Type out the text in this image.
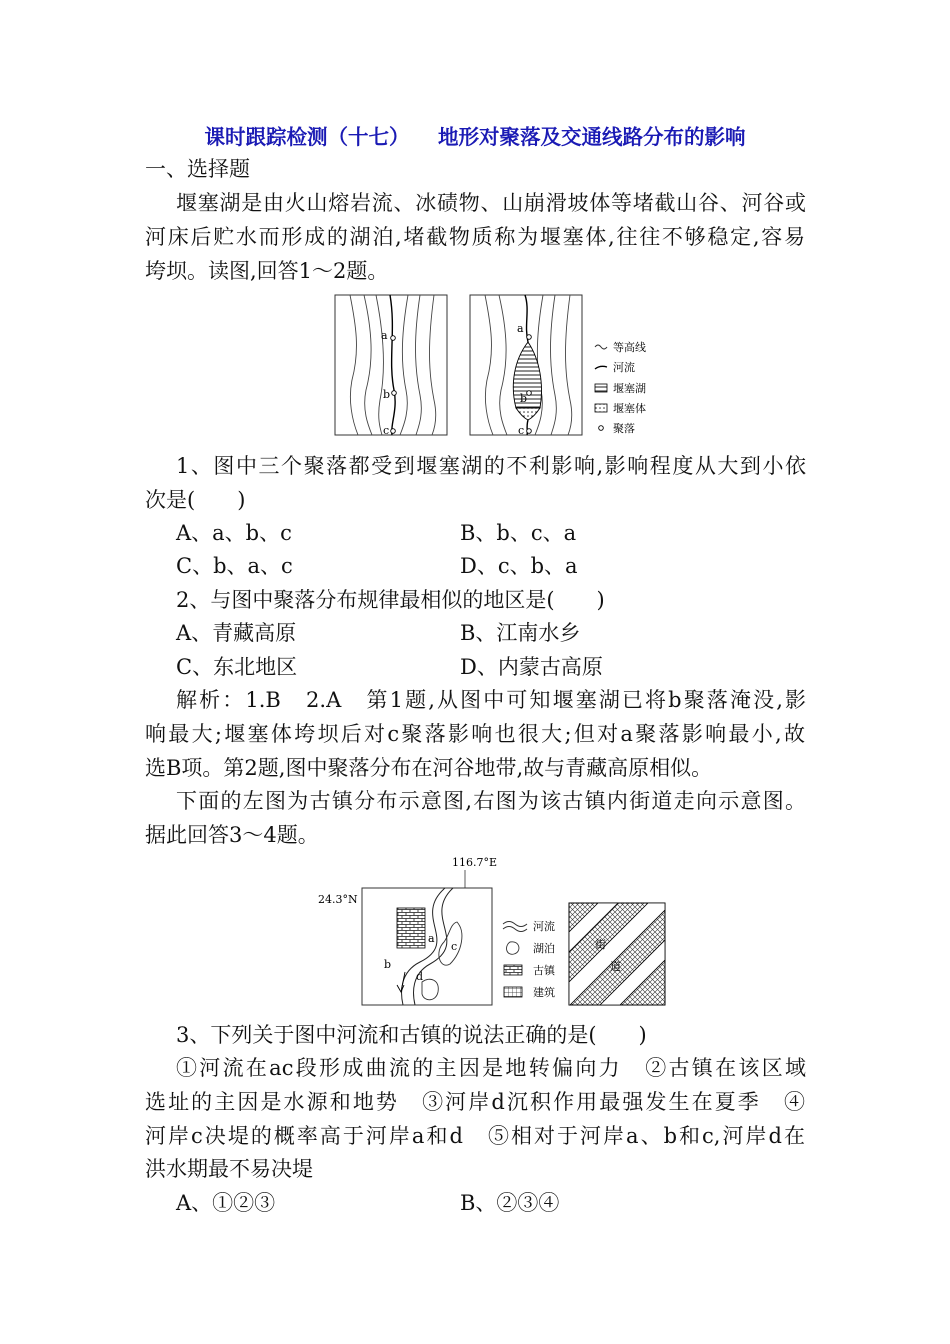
课时跟踪检测（十七）    地形对聚落及交通线路分布的影响
一、选择题
堰塞湖是由火山熔岩流、冰碛物、山崩滑坡体等堵截山谷、河谷或
河床后贮水而形成的湖泊,堵截物质称为堰塞体,往往不够稳定,容易
垮坝。读图,回答1～2题。
a
b
c
a
b
c
等高线
河流
堰塞湖
堰塞体
聚落
1、图中三个聚落都受到堰塞湖的不利影响,影响程度从大到小依
次是(　　)
A、a、b、c	B、b、c、a
C、b、a、c	D、c、b、a
2、与图中聚落分布规律最相似的地区是(　　)
A、青藏高原	B、江南水乡
C、东北地区	D、内蒙古高原
解析：1.B　2.A　第1题,从图中可知堰塞湖已将b聚落淹没,影
响最大;堰塞体垮坝后对c聚落影响也很大;但对a聚落影响最小,故
选B项。第2题,图中聚落分布在河谷地带,故与青藏高原相似。
下面的左图为古镇分布示意图,右图为该古镇内街道走向示意图。
据此回答3～4题。
116.7°E
24.3°N
a
b
c
d
河流
湖泊
古镇
建筑
街
道
3、下列关于图中河流和古镇的说法正确的是(　　)
①河流在ac段形成曲流的主因是地转偏向力　②古镇在该区域
选址的主因是水源和地势　③河岸d沉积作用最强发生在夏季　④
河岸c决堤的概率高于河岸a和d　⑤相对于河岸a、b和c,河岸d在
洪水期最不易决堤
A、①②③	B、②③④
